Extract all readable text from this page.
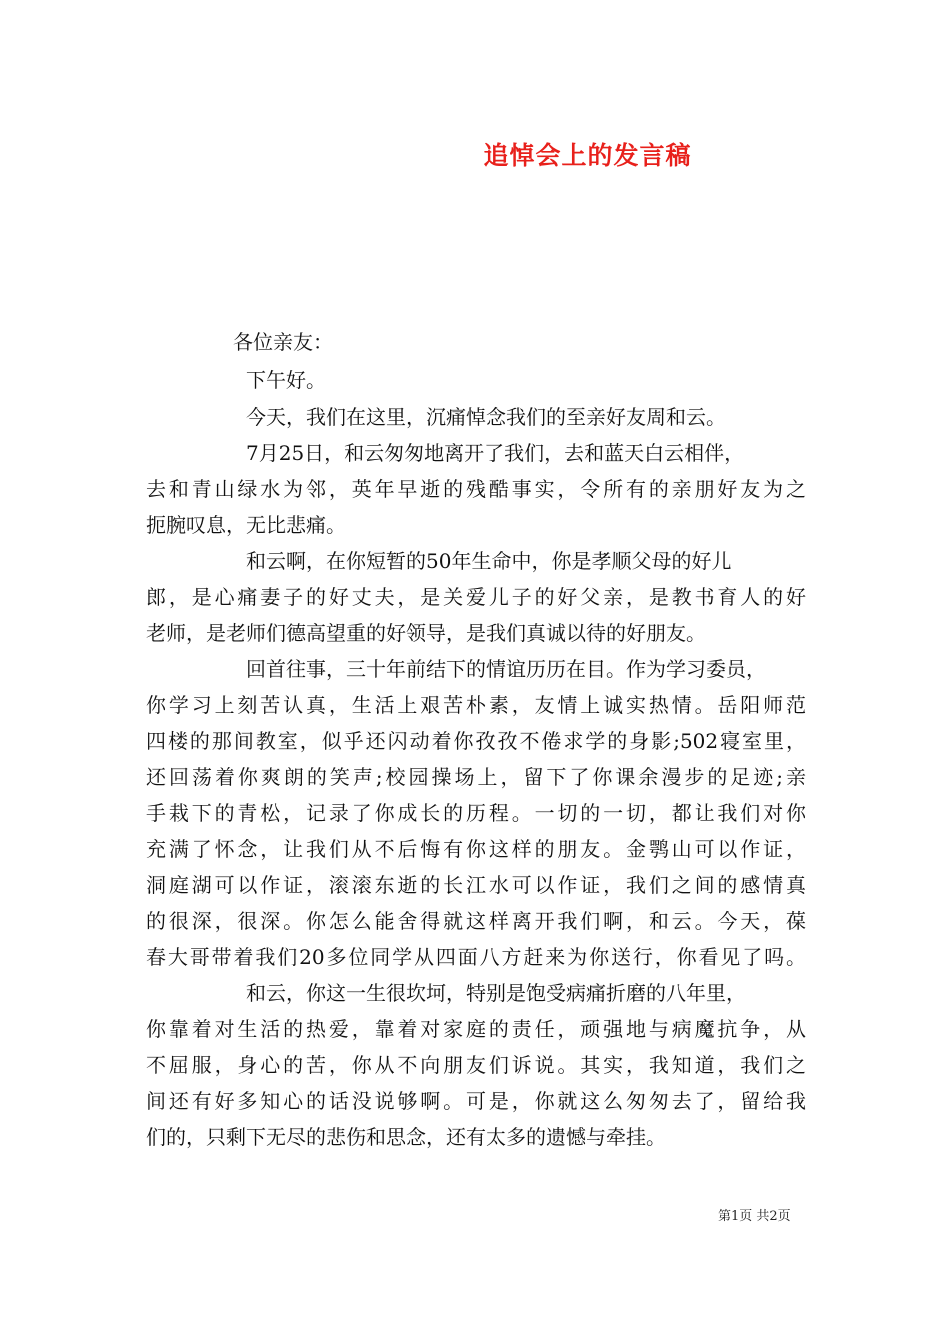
追悼会上的发言稿
各位亲友：
下午好。
今天，我们在这里，沉痛悼念我们的至亲好友周和云。
7月25日，和云匆匆地离开了我们，去和蓝天白云相伴，
去和青山绿水为邻，英年早逝的残酷事实，令所有的亲朋好友为之
扼腕叹息，无比悲痛。
和云啊，在你短暂的50年生命中，你是孝顺父母的好儿
郎，是心痛妻子的好丈夫，是关爱儿子的好父亲，是教书育人的好
老师，是老师们德高望重的好领导，是我们真诚以待的好朋友。
回首往事，三十年前结下的情谊历历在目。作为学习委员，
你学习上刻苦认真，生活上艰苦朴素，友情上诚实热情。岳阳师范
四楼的那间教室，似乎还闪动着你孜孜不倦求学的身影;502寝室里，
还回荡着你爽朗的笑声;校园操场上，留下了你课余漫步的足迹;亲
手栽下的青松，记录了你成长的历程。一切的一切，都让我们对你
充满了怀念，让我们从不后悔有你这样的朋友。金鹗山可以作证，
洞庭湖可以作证，滚滚东逝的长江水可以作证，我们之间的感情真
的很深，很深。你怎么能舍得就这样离开我们啊，和云。今天，葆
春大哥带着我们20多位同学从四面八方赶来为你送行，你看见了吗。
和云，你这一生很坎坷，特别是饱受病痛折磨的八年里，
你靠着对生活的热爱，靠着对家庭的责任，顽强地与病魔抗争，从
不屈服，身心的苦，你从不向朋友们诉说。其实，我知道，我们之
间还有好多知心的话没说够啊。可是，你就这么匆匆去了，留给我
们的，只剩下无尽的悲伤和思念，还有太多的遗憾与牵挂。
第1页 共2页
